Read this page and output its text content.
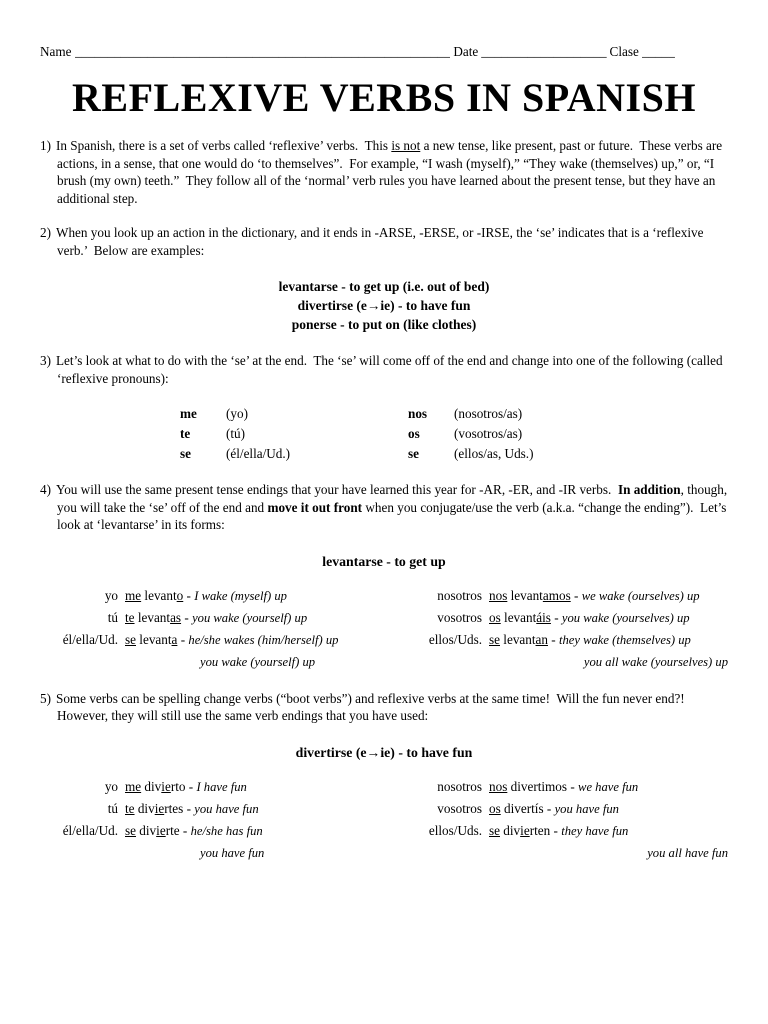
Name _________________________________________________________ Date ___________________ Clase _____
REFLEXIVE VERBS IN SPANISH
1) In Spanish, there is a set of verbs called ‘reflexive’ verbs.  This is not a new tense, like present, past or future.  These verbs are actions, in a sense, that one would do ‘to themselves”.  For example, “I wash (myself),” “They wake (themselves) up,” or, “I brush (my own) teeth.”  They follow all of the ‘normal’ verb rules you have learned about the present tense, but they have an additional step.
2) When you look up an action in the dictionary, and it ends in -ARSE, -ERSE, or -IRSE, the ‘se’ indicates that is a ‘reflexive verb.’  Below are examples:
levantarse - to get up (i.e. out of bed)
divertirse (e→ie) - to have fun
ponerse - to put on (like clothes)
3) Let’s look at what to do with the ‘se’ at the end.  The ‘se’ will come off of the end and change into one of the following (called ‘reflexive pronouns):
me	(yo)	nos	(nosotros/as)
te	(tú)	os	(vosotros/as)
se	(él/ella/Ud.)	se	(ellos/as, Uds.)
4) You will use the same present tense endings that your have learned this year for -AR, -ER, and -IR verbs.  In addition, though, you will take the ‘se’ off of the end and move it out front when you conjugate/use the verb (a.k.a. “change the ending”).  Let’s look at ‘levantarse’ in its forms:
levantarse - to get up
yo me levanto - I wake (myself) up	nosotros nos levantamos - we wake (ourselves) up
tú te levantas - you wake (yourself) up	vosotros os levantáis - you wake (yourselves) up
él/ella/Ud. se levanta - he/she wakes (him/herself) up	ellos/Uds. se levantan - they wake (themselves) up
you wake (yourself) up	you all wake (yourselves) up
5) Some verbs can be spelling change verbs (“boot verbs”) and reflexive verbs at the same time!  Will the fun never end?!  However, they will still use the same verb endings that you have used:
divertirse (e→ie) - to have fun
yo me divierto - I have fun	nosotros nos divertimos - we have fun
tú te diviertes - you have fun	vosotros os divertís - you have fun
él/ella/Ud. se divierte - he/she has fun	ellos/Uds. se divierten - they have fun
you have fun	you all have fun
